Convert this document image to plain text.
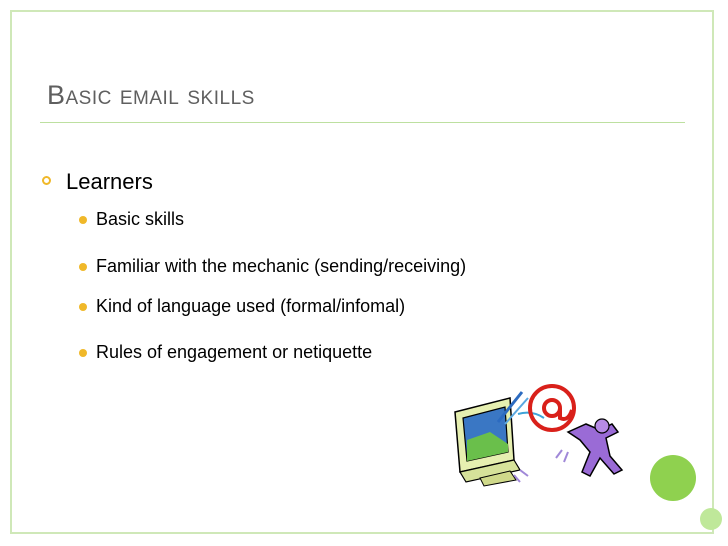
Basic email skills
Learners
Basic skills
Familiar with the mechanic (sending/receiving)
Kind of language used (formal/infomal)
Rules of engagement or netiquette
